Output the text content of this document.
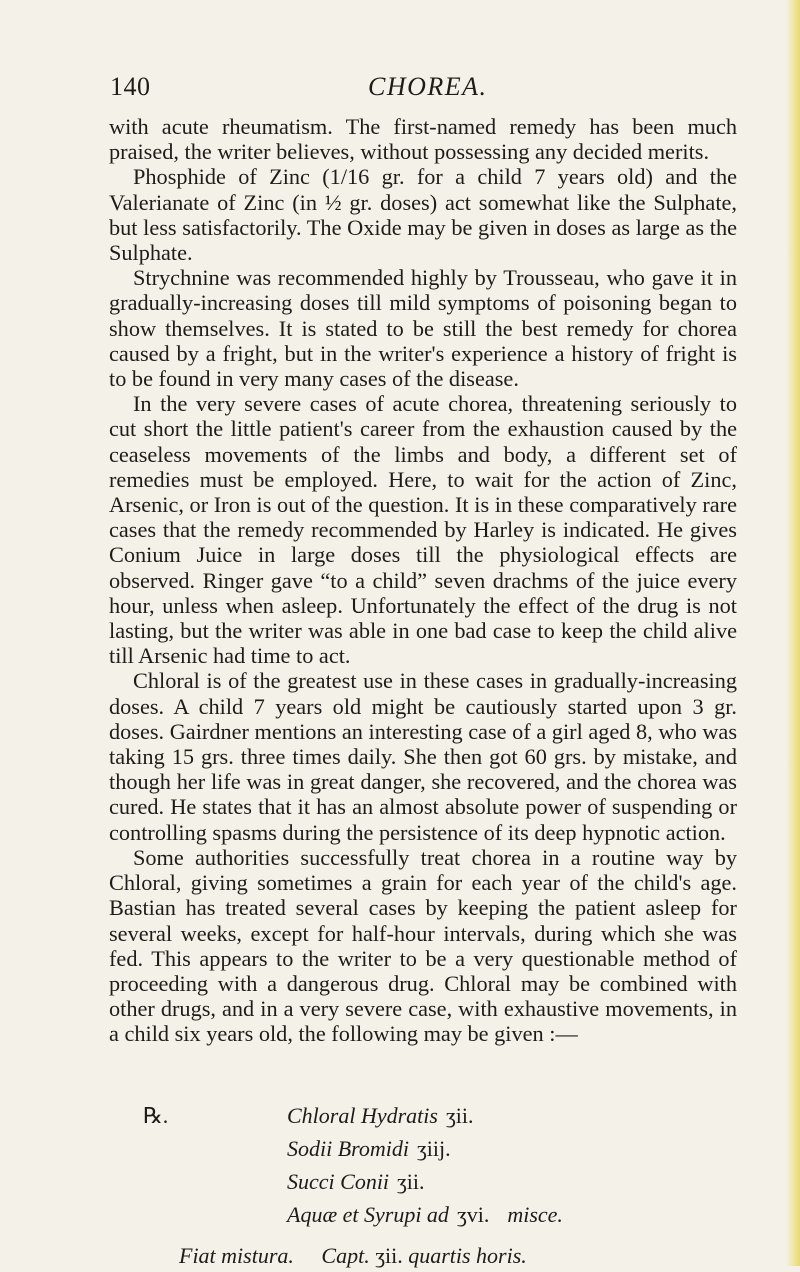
140	CHOREA.

with acute rheumatism. The first-named remedy has been much praised, the writer believes, without possessing any decided merits.

Phosphide of Zinc (1/16 gr. for a child 7 years old) and the Valerianate of Zinc (in ½ gr. doses) act somewhat like the Sulphate, but less satisfactorily. The Oxide may be given in doses as large as the Sulphate.

Strychnine was recommended highly by Trousseau, who gave it in gradually-increasing doses till mild symptoms of poisoning began to show themselves. It is stated to be still the best remedy for chorea caused by a fright, but in the writer's experience a history of fright is to be found in very many cases of the disease.

In the very severe cases of acute chorea, threatening seriously to cut short the little patient's career from the exhaustion caused by the ceaseless movements of the limbs and body, a different set of remedies must be employed. Here, to wait for the action of Zinc, Arsenic, or Iron is out of the question. It is in these comparatively rare cases that the remedy recommended by Harley is indicated. He gives Conium Juice in large doses till the physiological effects are observed. Ringer gave “to a child” seven drachms of the juice every hour, unless when asleep. Unfortunately the effect of the drug is not lasting, but the writer was able in one bad case to keep the child alive till Arsenic had time to act.

Chloral is of the greatest use in these cases in gradually-increasing doses. A child 7 years old might be cautiously started upon 3 gr. doses. Gairdner mentions an interesting case of a girl aged 8, who was taking 15 grs. three times daily. She then got 60 grs. by mistake, and though her life was in great danger, she recovered, and the chorea was cured. He states that it has an almost absolute power of suspending or controlling spasms during the persistence of its deep hypnotic action.

Some authorities successfully treat chorea in a routine way by Chloral, giving sometimes a grain for each year of the child's age. Bastian has treated several cases by keeping the patient asleep for several weeks, except for half-hour intervals, during which she was fed. This appears to the writer to be a very questionable method of proceeding with a dangerous drug. Chloral may be combined with other drugs, and in a very severe case, with exhaustive movements, in a child six years old, the following may be given :—

℞.	Chloral Hydratis ʒii.
Sodii Bromidi ʒiij.
Succi Conii ʒii.
Aquæ et Syrupi ad ʒvi. misce.
Fiat mistura. Capt. ʒii. quartis horis.
